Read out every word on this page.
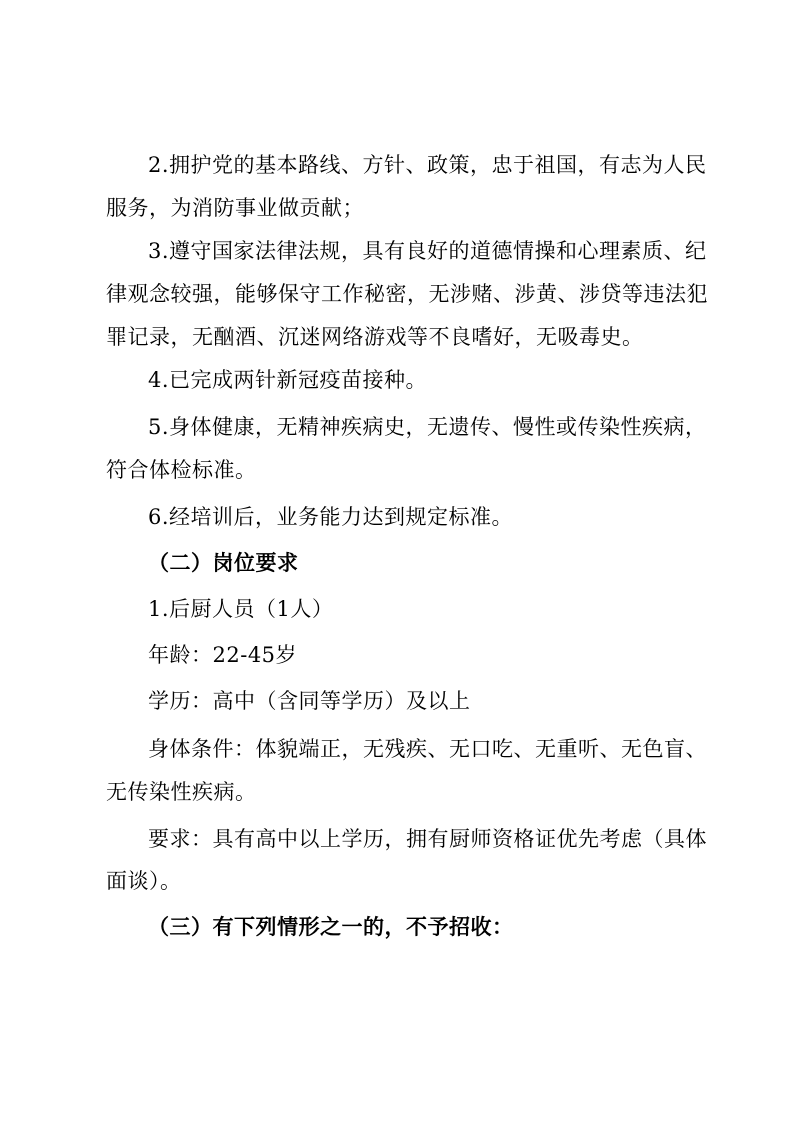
2.拥护党的基本路线、方针、政策，忠于祖国，有志为人民
服务，为消防事业做贡献；
3.遵守国家法律法规，具有良好的道德情操和心理素质、纪
律观念较强，能够保守工作秘密，无涉赌、涉黄、涉贷等违法犯
罪记录，无酗酒、沉迷网络游戏等不良嗜好，无吸毒史。
4.已完成两针新冠疫苗接种。
5.身体健康，无精神疾病史，无遗传、慢性或传染性疾病，
符合体检标准。
6.经培训后，业务能力达到规定标准。
（二）岗位要求
1.后厨人员（1人）
年龄：22-45岁
学历：高中（含同等学历）及以上
身体条件：体貌端正，无残疾、无口吃、无重听、无色盲、
无传染性疾病。
要求：具有高中以上学历，拥有厨师资格证优先考虑（具体
面谈）。
（三）有下列情形之一的，不予招收：
